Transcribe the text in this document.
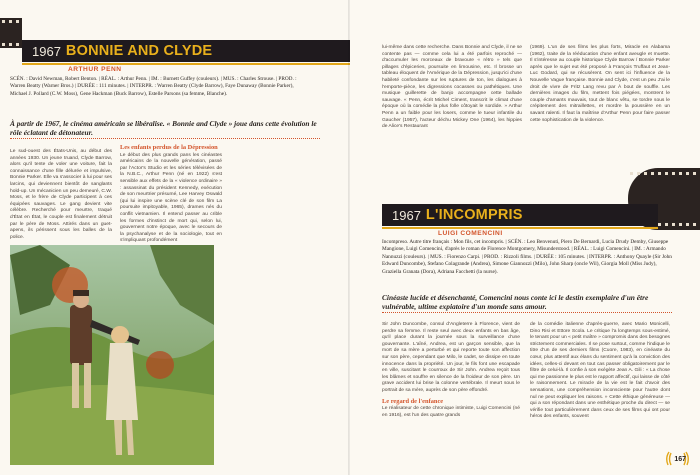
1967 BONNIE AND CLYDE
ARTHUR PENN
SCÉN. : David Newman, Robert Benton. | RÉAL. : Arthur Penn. | IM. : Burnett Guffey (couleurs). | MUS. : Charles Strouse. | PROD. : Warren Beatty (Warner Bros.) | DURÉE : 111 minutes. | INTERPR. : Warren Beatty (Clyde Barrow), Faye Dunaway (Bonnie Parker), Michael J. Pollard (C.W. Moss), Gene Hackman (Buck Barrow), Estelle Parsons (sa femme, Blanche).
À partir de 1967, le cinéma américain se libéralise. « Bonnie and Clyde » joue dans cette évolution le rôle éclatant de détonateur.
Le sud-ouest des États-Unis, au début des années 1930. Un jeune truand, Clyde Barrow, alors qu'il tente de voler une voiture, fait la connaissance d'une fille délurée et impulsive, Bonnie Parker. Elle va s'associer à lui pour ses larcins, qui deviennent bientôt de sanglants hold-up. Un mécanicien un peu demeuré, C.W. Moss, et le frère de Clyde participent à ces équipées sauvages. Le gang devient vite célèbre. Recherché pour meurtre, traqué d'État en État, le couple est finalement détruit par le père de Moss. Attirés dans un guet-apens, ils périssent sous les balles de la police.
Les enfants perdus de la Dépression
Le début des plus grands pans les cinéastes américains de la nouvelle génération, passé par l'Actor's Studio et les séries télévisées de la N.B.C., Arthur Penn (né en 1922) s'est sensible aux effets de la « violence ordinaire » : assassinat du président Kennedy, exécution de son meurtrier présumé, Lee Harvey Oswald (qui lui inspire une scène clé de son film La poursuite impitoyable, 1965), drames nés du conflit vietnamien. Il entend passer au crible les formes d'instinct de mort qui, selon lui, gouvernent notre époque, avec le secours de la psychanalyse et de la sociologie, tout en s'impliquant profondément
lui-même dans cette recherche. Dans Bonnie and Clyde, il ne se contente pas — comme cela lui a été parfois reproché — d'accumuler les morceaux de bravoure « rétro » tels que pillages d'épiceries, poursuite en limousine, etc. Il brosse un tableau éloquent de l'Amérique de la Dépression, jusqu'ici d'une habileté confondante sur les ruptures de ton, les dialogues à l'emporte-pièce, les digressions cocasses ou pathétiques. Une musique guillerette de banjo accompagne cette ballade sauvage. « Penn, écrit Michel Ciment, transcrit le climat d'une époque où la comédie la plus folle côtoyait le sordide. » Arthur Penn a un faible pour les losers, comme le tueur infantile du Gaucher (1957), l'acteur déchu Mickey One (1964), les hippies de Alice's Restaurant
(1969). L'un de ses films les plus forts, Miracle en Alabama (1962), traite de la rééducation d'une enfant aveugle et muette. Il s'intéresse au couple historique Clyde Barrow / Bonnie Parker après que le sujet eut été proposé à François Truffaut et Jean-Luc Godard, qui se récusèrent. On sent ici l'influence de la Nouvelle Vague française. Bonnie and Clyde, c'est un peu J'ai le droit de vivre de Fritz Lang revu par À bout de souffle. Les dernières images du film, mettent fois piégées, montrent le couple d'amants mauvais, tout de blanc vêtu, se tordre sous le crépitement des mitraillettes, et mordre la poussière en un savant ralenti. Il faut la maîtrise d'Arthur Penn pour faire passer cette sophistication de la violence.
1967 L'INCOMPRIS
LUIGI COMENCINI
Incompreso. Autre titre français : Mon fils, cet incompris. | SCÉN. : Leo Benvenuti, Piero De Bernardi, Lucia Drudy Demby, Giuseppe Mangione, Luigi Comencini, d'après le roman de Florence Montgomery, Misunderstood. | RÉAL. : Luigi Comencini. | IM. : Armando Nannuzzi (couleurs). | MUS. : Fiorenzo Carpi. | PROD. : Rizzoli films. | DURÉE : 105 minutes. | INTERPR. : Anthony Quayle (Sir John Edward Duncombe), Stefano Colagrande (Andrea), Simone Giannozzi (Milo), John Sharp (oncle Wil), Giorgia Moll (Miss Judy), Graziella Granata (Dora), Adriana Facchetti (la nurse).
Cinéaste lucide et désenchanté, Comencini nous conte ici le destin exemplaire d'un être vulnérable, ultime expiatoire d'un monde sans amour.
Sir John Duncombe, consul d'Angleterre à Florence, vient de perdre sa femme. Il reste seul avec deux enfants en bas âge, qu'il place durant la journée sous la surveillance d'une gouvernante. L'aîné, Andrea, est un garçon sensible, que la mort de sa mère a perturbé et qui reporte toute son affection sur son père, cependant que Milo, le cadet, se dissipe en toute innocence dans la propriété. Un jour, le fils font une escapade en ville, suscitant le courroux de Sir John. Andrea reçoit tous les blâmes et souffre en silence de la froideur de son père. Un grave accident lui brise la colonne vertébrale. Il meurt sous le portrait de sa mère, auprès de son père effondré.
Le regard de l'enfance
Le réalisateur de cette chronique intimiste, Luigi Comencini (né en 1916), est l'un des quatre grands
de la comédie italienne d'après-guerre, avec Mario Monicelli, Dino Risi et Ettore Scola. Le critique l'a longtemps sous-estimé, le tenant pour un « petit maître » compromis dans des besognes strictement commerciales. Il se pose surtout, comme l'indique le titre d'un de ses derniers films (Cuore, 1983), en cinéaste du cœur, plus attentif aux élans du sentiment qu'à la conviction des idées, celles-ci devant en tout cas passer obligatoirement par le filtre de celui-là. Il confie à son exégète Jean A. Gili : « La chose qui me passionne le plus est le rapport affectif, qui laisse de côté le raisonnement. Le miracle de la vie est le fait d'avoir des sensations, une compréhension inconsciente pour l'autre dont nul ne peut expliquer les raisons. » Cette éthique généreuse — qui a son répondant dans une esthétique proche du direct — se vérifie tout particulièrement dans ceux de ses films qui ont pour héros des enfants, souvent
167
